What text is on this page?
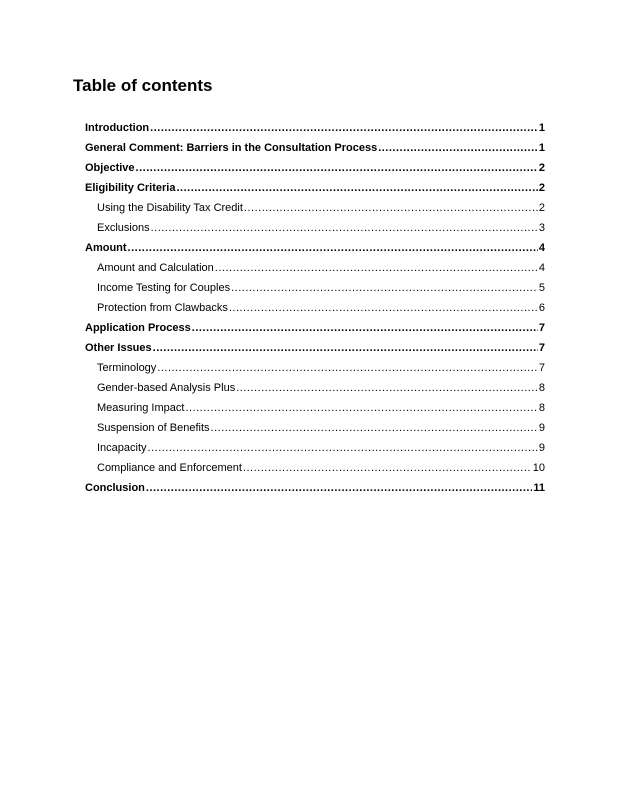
Table of contents
Introduction .....	1
General Comment: Barriers in the Consultation Process .....	1
Objective .....	2
Eligibility Criteria .....	2
Using the Disability Tax Credit .....	2
Exclusions .....	3
Amount .....	4
Amount and Calculation .....	4
Income Testing for Couples .....	5
Protection from Clawbacks .....	6
Application Process .....	7
Other Issues .....	7
Terminology .....	7
Gender-based Analysis Plus .....	8
Measuring Impact .....	8
Suspension of Benefits .....	9
Incapacity .....	9
Compliance and Enforcement .....	10
Conclusion .....	11
